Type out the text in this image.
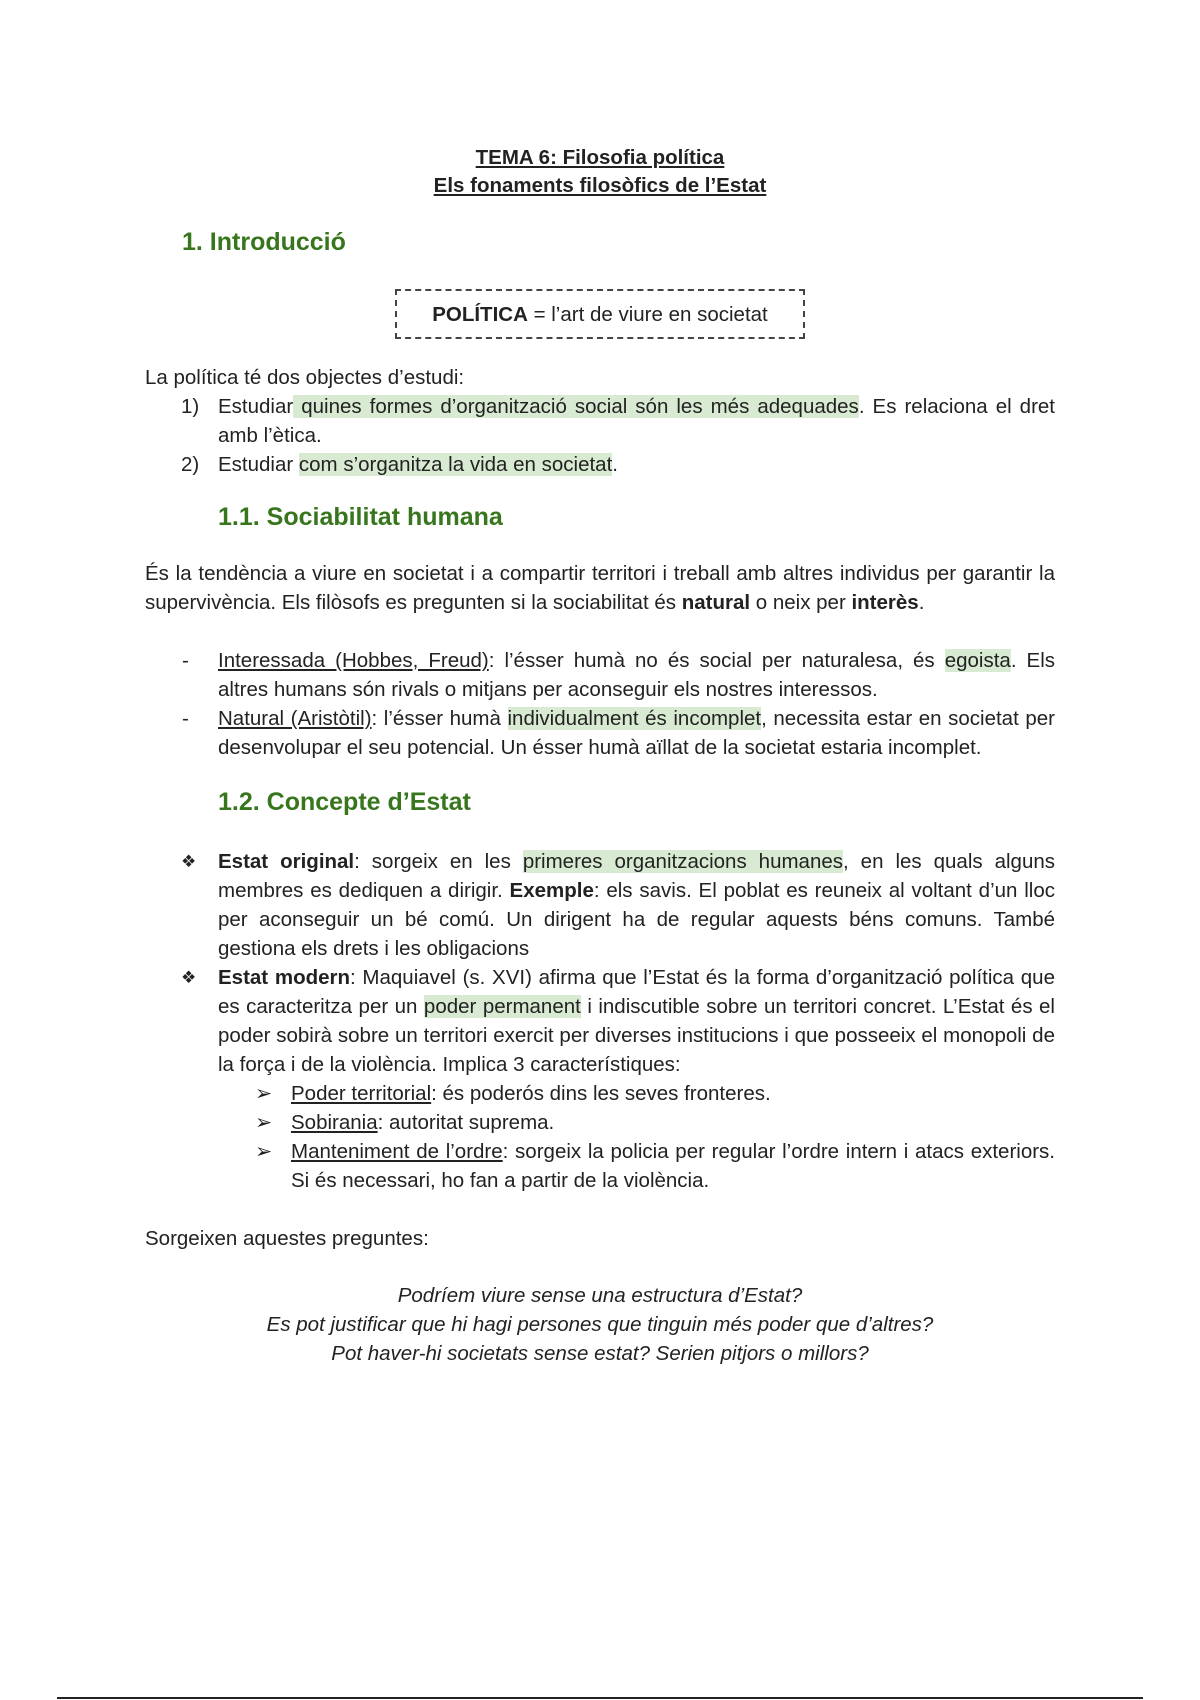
TEMA 6: Filosofia política
Els fonaments filosòfics de l’Estat
1. Introducció
POLÍTICA = l’art de viure en societat

La política té dos objectes d’estudi:

1) Estudiar quines formes d’organització social són les més adequades. Es relaciona el dret amb l’ètica.
2) Estudiar com s’organitza la vida en societat.
1.1. Sociabilitat humana

És la tendència a viure en societat i a compartir territori i treball amb altres individus per garantir la supervivència. Els filòsofs es pregunten si la sociabilitat és natural o neix per interès.

- Interessada (Hobbes, Freud): l’ésser humà no és social per naturalesa, és egoista. Els altres humans són rivals o mitjans per aconseguir els nostres interessos.
- Natural (Aristòtil): l’ésser humà individualment és incomplet, necessita estar en societat per desenvolupar el seu potencial. Un ésser humà aïllat de la societat estaria incomplet.
1.2. Concepte d’Estat
❖ Estat original: sorgeix en les primeres organitzacions humanes, en les quals alguns membres es dediquen a dirigir. Exemple: els savis. El poblat es reuneix al voltant d’un lloc per aconseguir un bé comú. Un dirigent ha de regular aquests béns comuns. També gestiona els drets i les obligacions
❖ Estat modern: Maquiavel (s. XVI) afirma que l’Estat és la forma d’organització política que es caracteritza per un poder permanent i indiscutible sobre un territori concret. L’Estat és el poder sobirà sobre un territori exercit per diverses institucions i que posseeix el monopoli de la força i de la violència. Implica 3 característiques:
➢ Poder territorial: és poderós dins les seves fronteres.
➢ Sobirania: autoritat suprema.
➢ Manteniment de l’ordre: sorgeix la policia per regular l’ordre intern i atacs exteriors. Si és necessari, ho fan a partir de la violència.

Sorgeixen aquestes preguntes:

Podríem viure sense una estructura d’Estat?
Es pot justificar que hi hagi persones que tinguin més poder que d’altres?
Pot haver-hi societats sense estat? Serien pitjors o millors?
